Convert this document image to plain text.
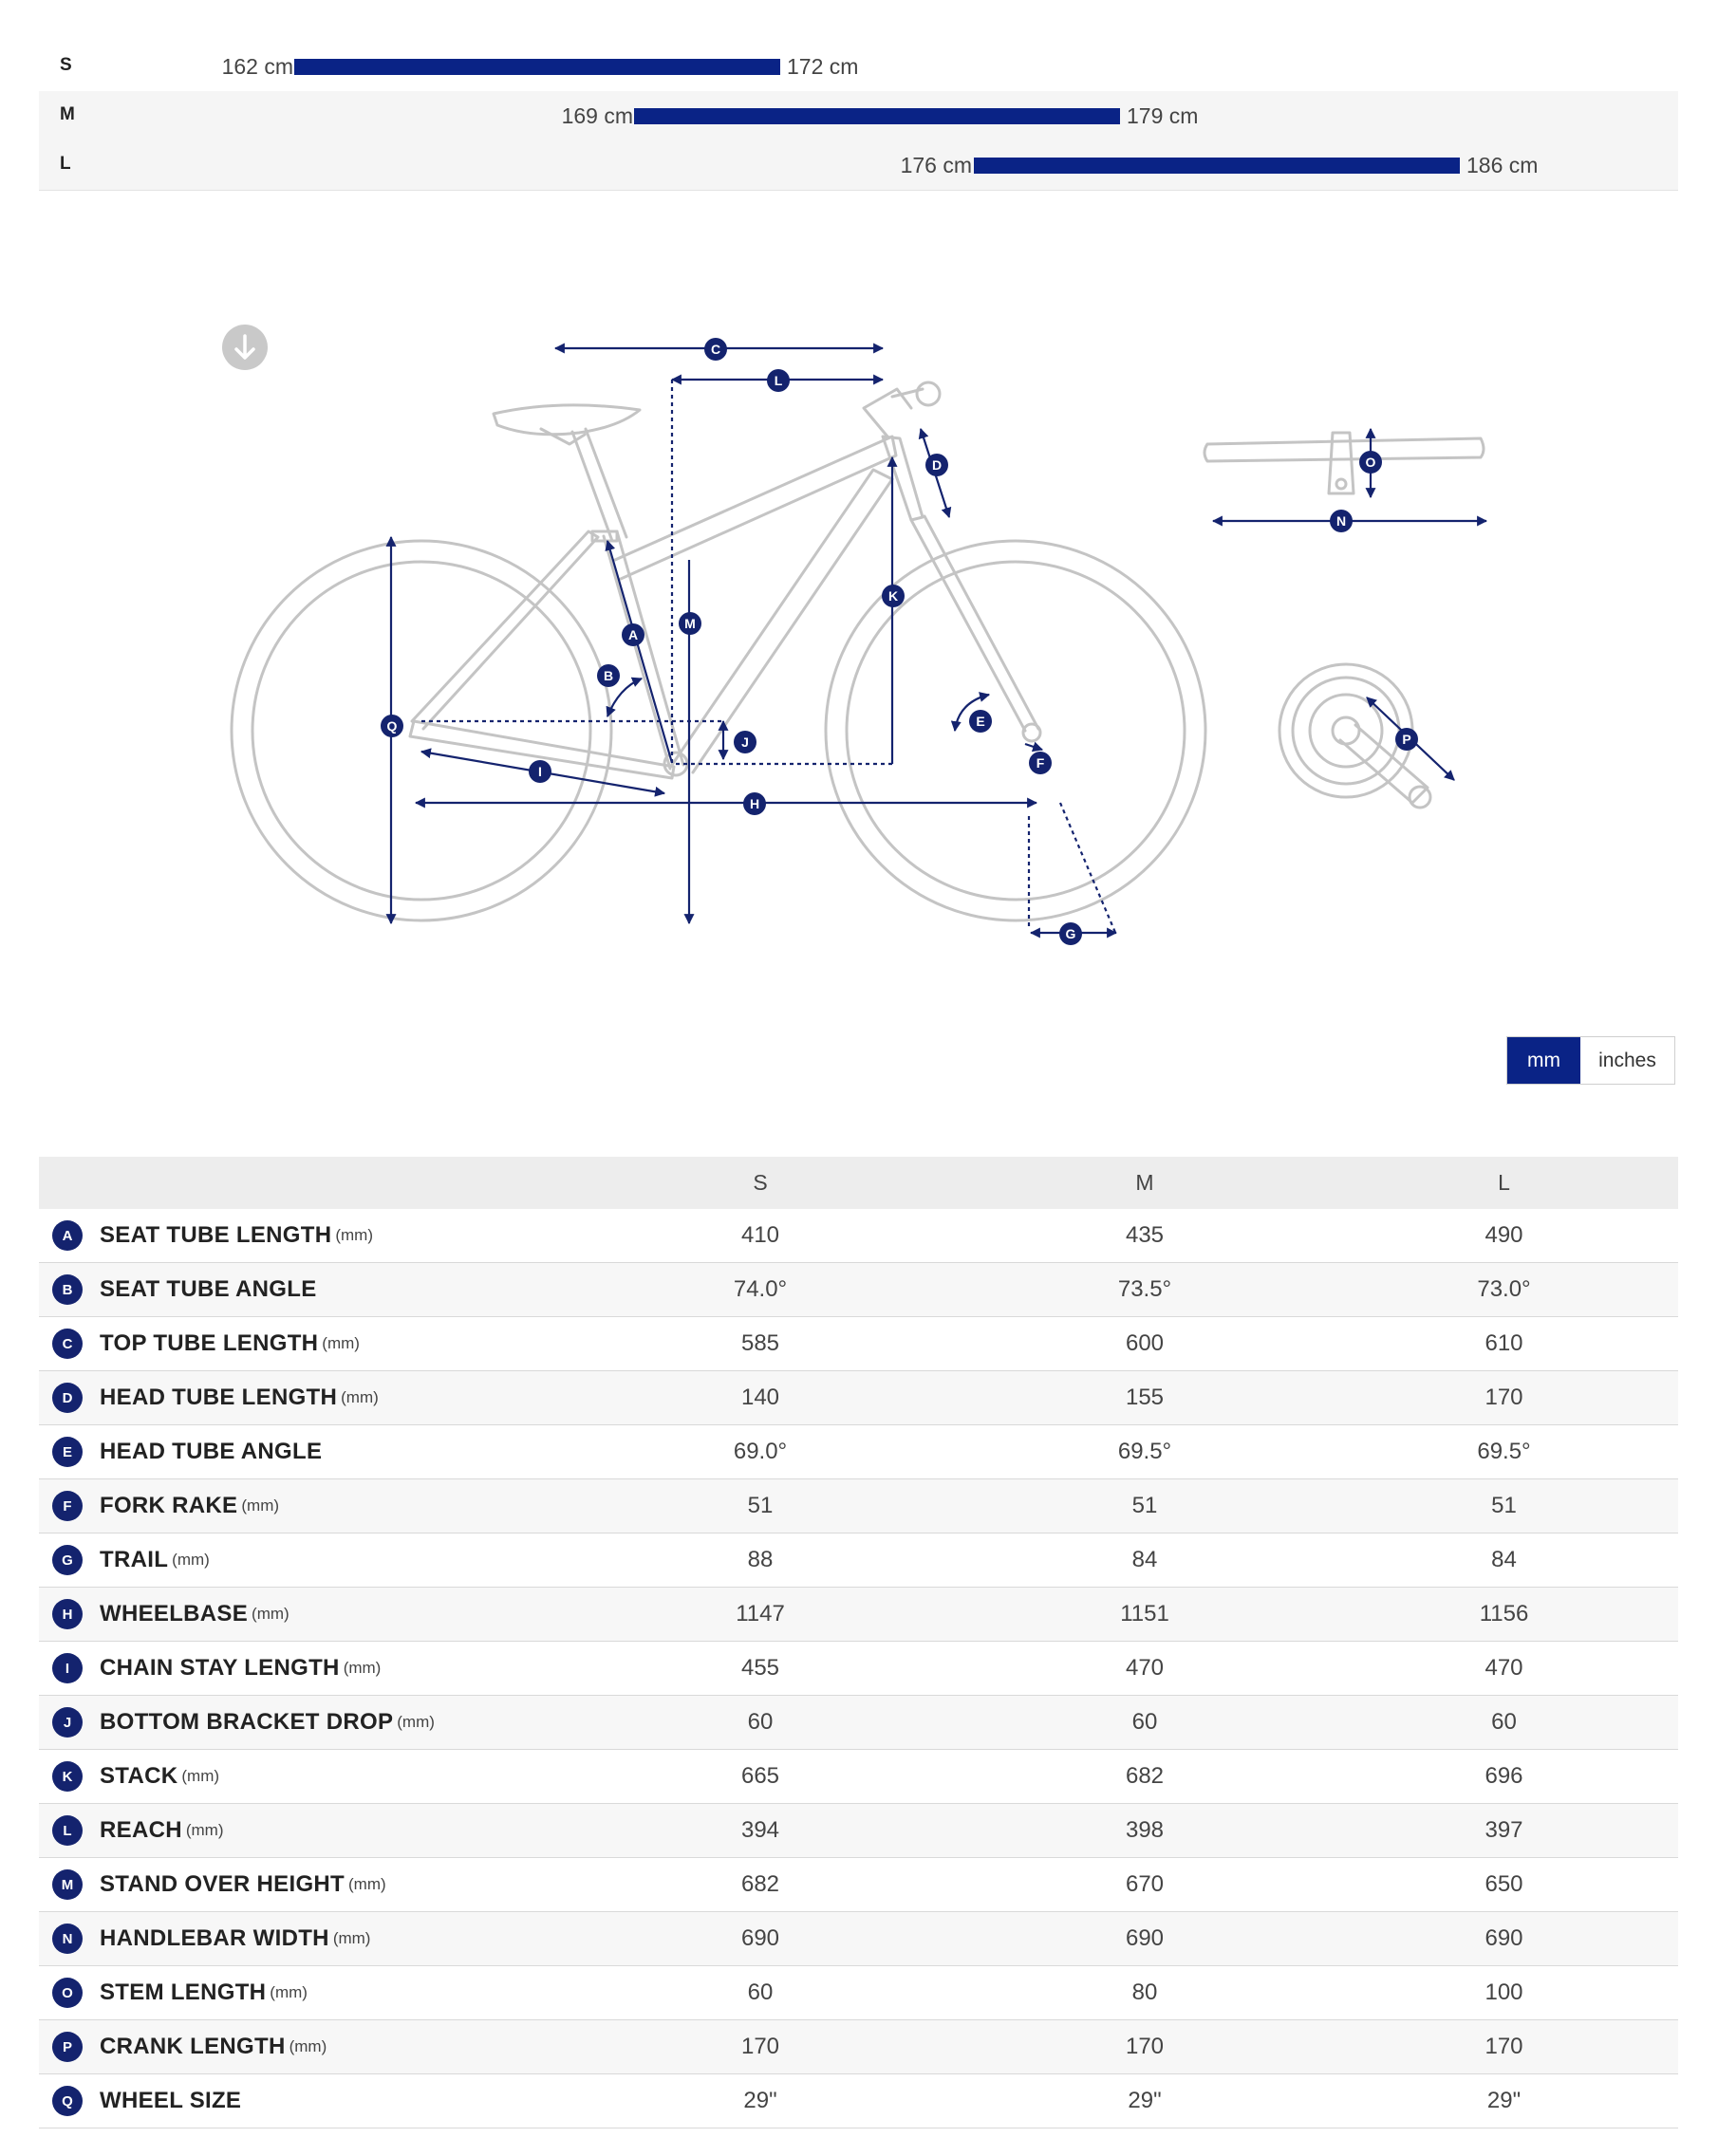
S	162 cm	172 cm
M	169 cm	179 cm
L	176 cm	186 cm
C
L
D
M
K
A
B
Q
J
I
H
E
F
G
O
N
P
mm	inches
	S	M	L
A SEAT TUBE LENGTH (mm)	410	435	490
B SEAT TUBE ANGLE	74.0°	73.5°	73.0°
C TOP TUBE LENGTH (mm)	585	600	610
D HEAD TUBE LENGTH (mm)	140	155	170
E HEAD TUBE ANGLE	69.0°	69.5°	69.5°
F FORK RAKE (mm)	51	51	51
G TRAIL (mm)	88	84	84
H WHEELBASE (mm)	1147	1151	1156
I CHAIN STAY LENGTH (mm)	455	470	470
J BOTTOM BRACKET DROP (mm)	60	60	60
K STACK (mm)	665	682	696
L REACH (mm)	394	398	397
M STAND OVER HEIGHT (mm)	682	670	650
N HANDLEBAR WIDTH (mm)	690	690	690
O STEM LENGTH (mm)	60	80	100
P CRANK LENGTH (mm)	170	170	170
Q WHEEL SIZE	29"	29"	29"
